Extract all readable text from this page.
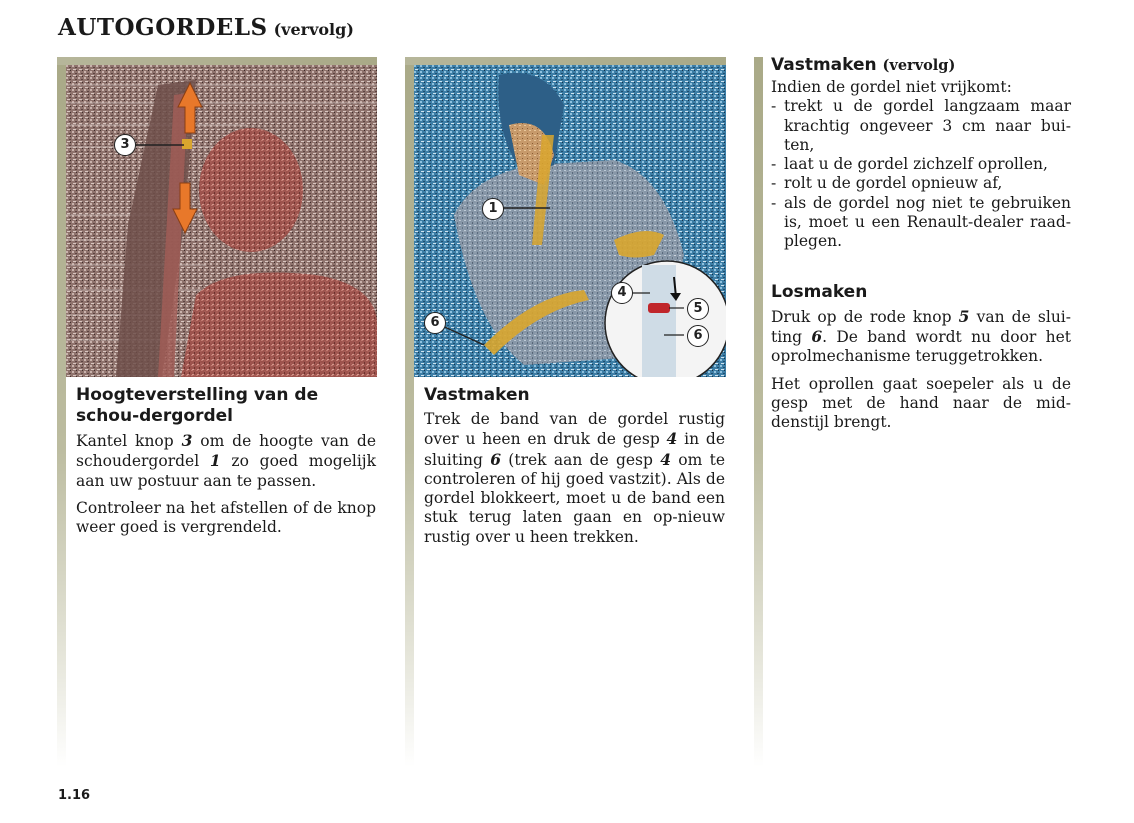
AUTOGORDELS (vervolg)
3
1
4
5
6
6
Hoogteverstelling van de schou-dergordel

Kantel knop 3 om de hoogte van de schoudergordel 1 zo goed mogelijk aan uw postuur aan te passen.

Controleer na het afstellen of de knop weer goed is vergrendeld.

Vastmaken

Trek de band van de gordel rustig over u heen en druk de gesp 4 in de sluiting 6 (trek aan de gesp 4 om te controleren of hij goed vastzit). Als de gordel blokkeert, moet u de band een stuk terug laten gaan en op-nieuw rustig over u heen trekken.

Vastmaken (vervolg)

Indien de gordel niet vrijkomt:

- trekt u de gordel langzaam maar krachtig ongeveer 3 cm naar bui-ten,
- laat u de gordel zichzelf oprollen,
- rolt u de gordel opnieuw af,
- als de gordel nog niet te gebruiken is, moet u een Renault-dealer raad-plegen.
Losmaken

Druk op de rode knop 5 van de slui-ting 6. De band wordt nu door het oprolmechanisme teruggetrokken.

Het oprollen gaat soepeler als u de gesp met de hand naar de mid-denstijl brengt.

1.16
